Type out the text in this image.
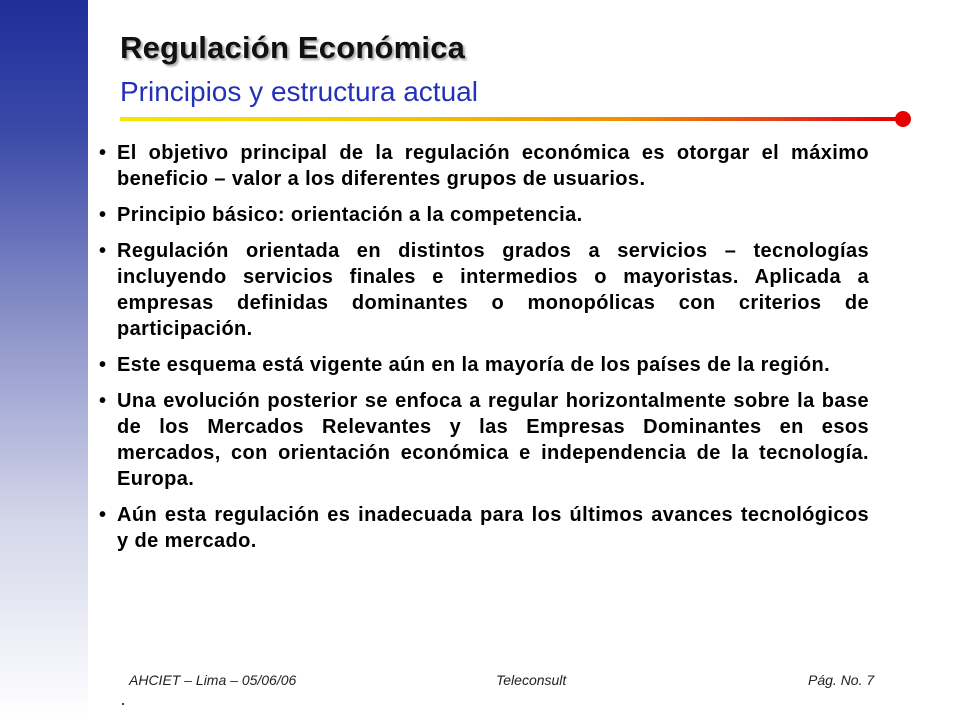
Regulación Económica
Principios y estructura actual
• El objetivo principal de la regulación económica es otorgar el máximo beneficio – valor a los diferentes grupos de usuarios.
• Principio básico: orientación a la competencia.
• Regulación orientada en distintos grados a servicios – tecnologías incluyendo servicios finales e intermedios o mayoristas. Aplicada a empresas definidas dominantes o monopólicas con criterios de participación.
• Este esquema está vigente aún en la mayoría de los países de la región.
• Una evolución posterior se enfoca a regular horizontalmente sobre la base de los Mercados Relevantes y las Empresas Dominantes en esos mercados, con orientación económica e independencia de la tecnología. Europa.
• Aún esta regulación es inadecuada para los últimos avances tecnológicos y de mercado.
AHCIET – Lima – 05/06/06	Teleconsult	Pág. No. 7
